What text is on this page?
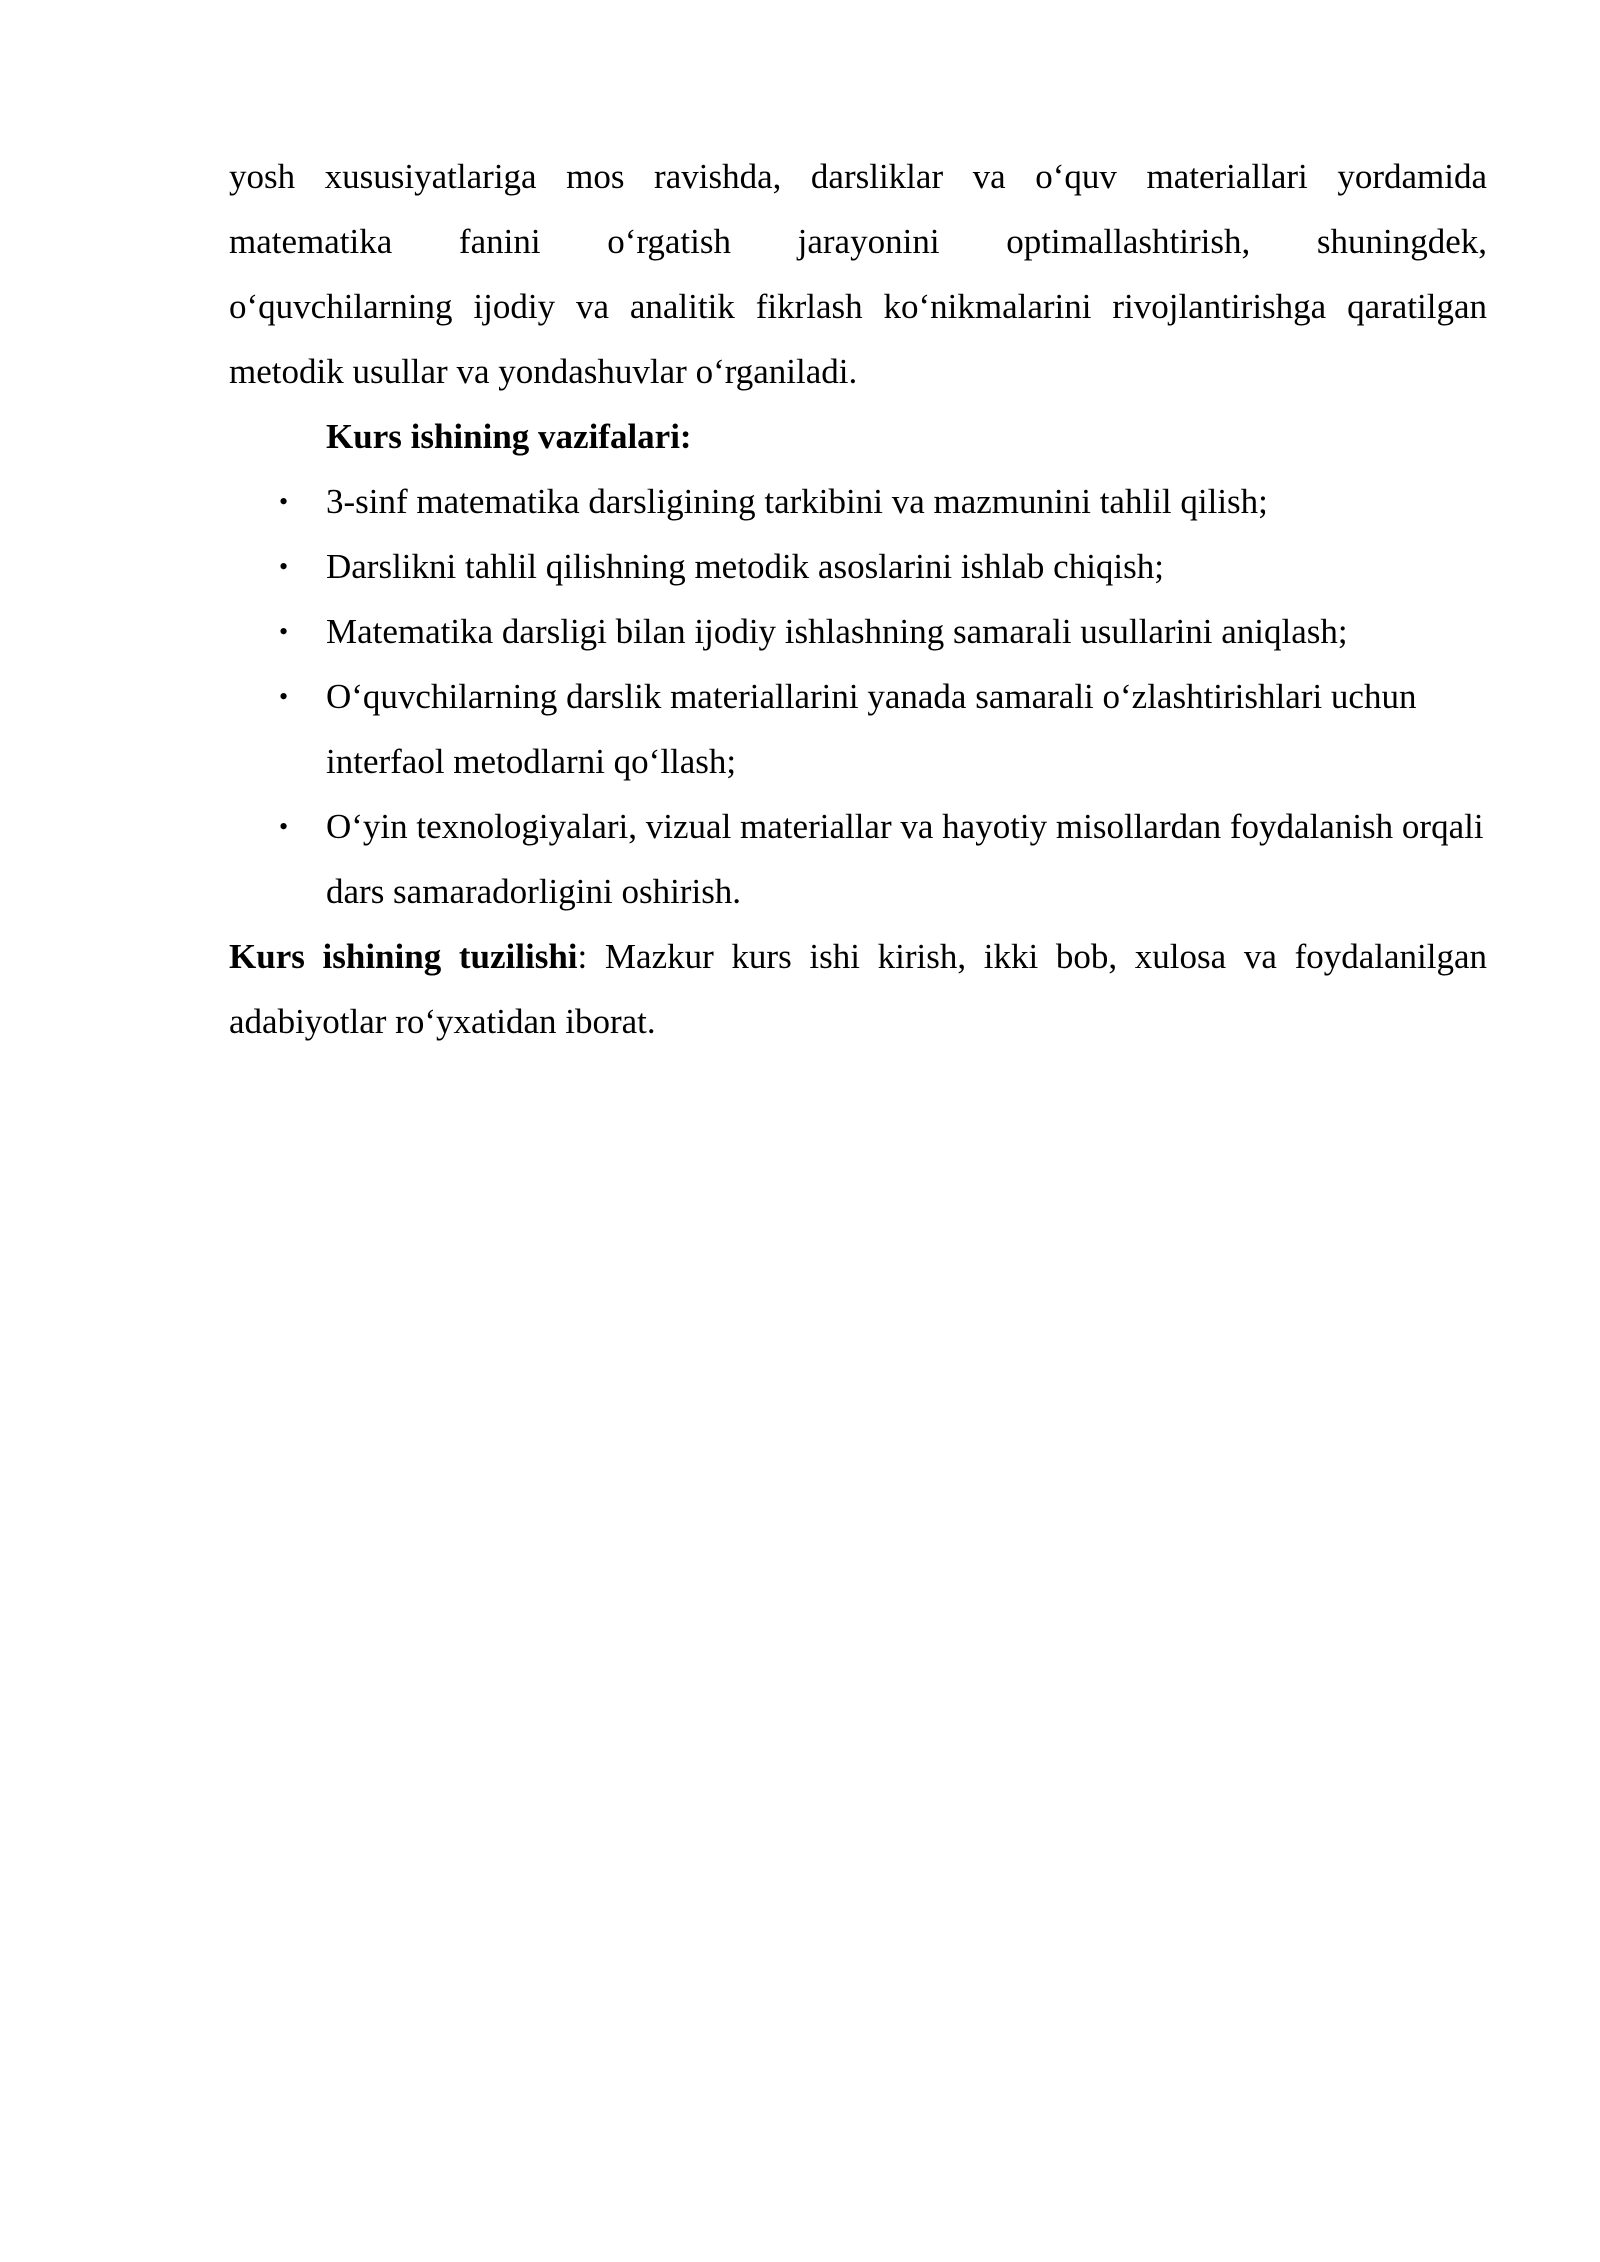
yosh xususiyatlariga mos ravishda, darsliklar va o‘quv materiallari yordamida
matematika fanini o‘rgatish jarayonini optimallashtirish, shuningdek,
o‘quvchilarning ijodiy va analitik fikrlash ko‘nikmalarini rivojlantirishga qaratilgan
metodik usullar va yondashuvlar o‘rganiladi.

Kurs ishining vazifalari:

• 3-sinf matematika darsligining tarkibini va mazmunini tahlil qilish;
• Darslikni tahlil qilishning metodik asoslarini ishlab chiqish;
• Matematika darsligi bilan ijodiy ishlashning samarali usullarini aniqlash;
• O‘quvchilarning darslik materiallarini yanada samarali o‘zlashtirishlari uchun interfaol metodlarni qo‘llash;
• O‘yin texnologiyalari, vizual materiallar va hayotiy misollardan foydalanish orqali dars samaradorligini oshirish.

Kurs ishining tuzilishi: Mazkur kurs ishi kirish, ikki bob, xulosa va foydalanilgan
adabiyotlar ro‘yxatidan iborat.
